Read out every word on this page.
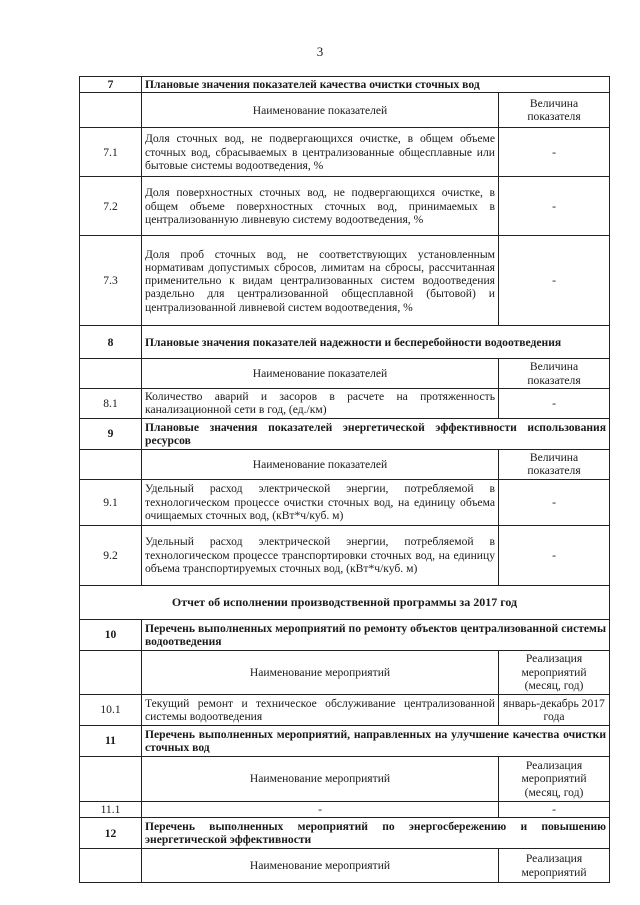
3
7	Плановые значения показателей качества очистки сточных вод	
	Наименование показателей	Величина показателя
7.1	Доля сточных вод, не подвергающихся очистке, в общем объеме сточных вод, сбрасываемых в централизованные общесплавные или бытовые системы водоотведения, %	-
7.2	Доля поверхностных сточных вод, не подвергающихся очистке, в общем объеме поверхностных сточных вод, принимаемых в централизованную ливневую систему водоотведения, %	-
7.3	Доля проб сточных вод, не соответствующих установленным нормативам допустимых сбросов, лимитам на сбросы, рассчитанная применительно к видам централизованных систем водоотведения раздельно для централизованной общесплавной (бытовой) и централизованной ливневой систем водоотведения, %	-
8	Плановые значения показателей надежности и бесперебойности водоотведения	
	Наименование показателей	Величина показателя
8.1	Количество аварий и засоров в расчете на протяженность канализационной сети в год, (ед./км)	-
9	Плановые значения показателей энергетической эффективности использования ресурсов	
	Наименование показателей	Величина показателя
9.1	Удельный расход электрической энергии, потребляемой в технологическом процессе очистки сточных вод, на единицу объема очищаемых сточных вод, (кВт*ч/куб. м)	-
9.2	Удельный расход электрической энергии, потребляемой в технологическом процессе транспортировки сточных вод, на единицу объема транспортируемых сточных вод, (кВт*ч/куб. м)	-
Отчет об исполнении производственной программы за 2017 год		
10	Перечень выполненных мероприятий по ремонту объектов централизованной системы водоотведения	
	Наименование мероприятий	Реализация мероприятий (месяц, год)
10.1	Текущий ремонт и техническое обслуживание централизованной системы водоотведения	январь-декабрь 2017 года
11	Перечень выполненных мероприятий, направленных на улучшение качества очистки сточных вод	
	Наименование мероприятий	Реализация мероприятий (месяц, год)
11.1	-	-
12	Перечень выполненных мероприятий по энергосбережению и повышению энергетической эффективности	
	Наименование мероприятий	Реализация мероприятий
